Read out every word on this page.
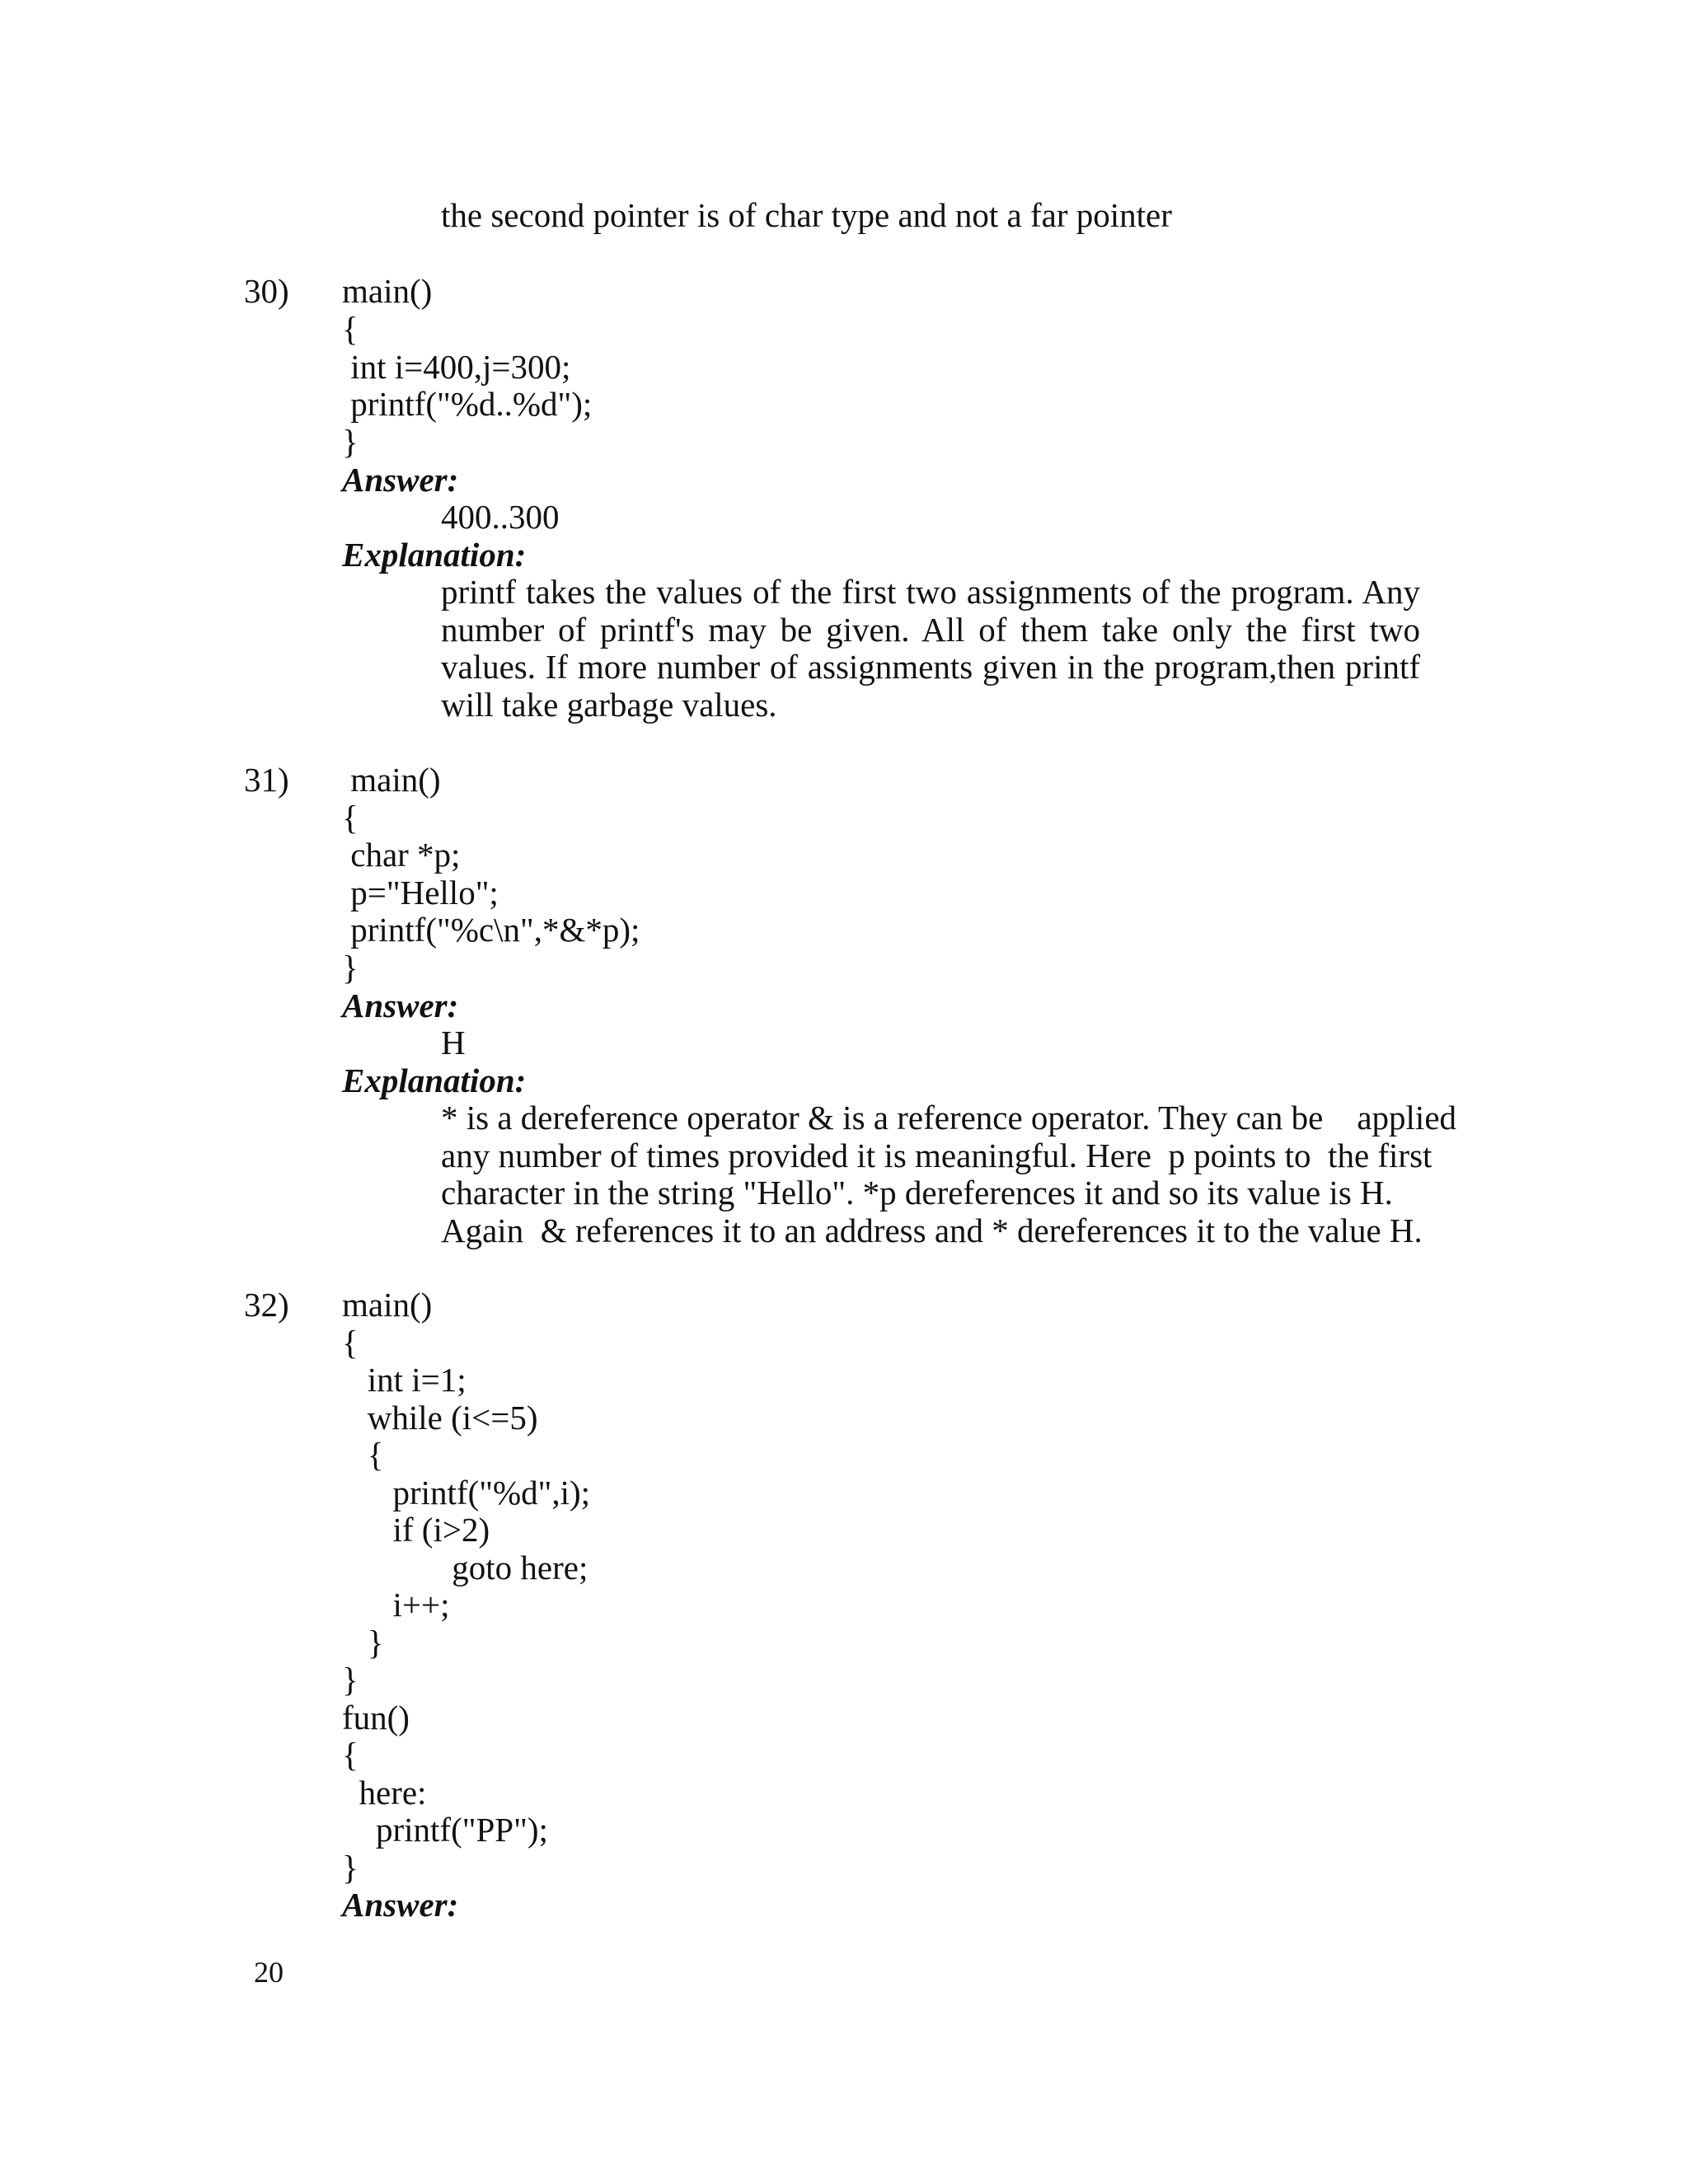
the second pointer is of char type and not a far pointer
30) main()
{
int i=400,j=300;
printf("%d..%d");
}
Answer:
400..300
Explanation:
printf takes the values of the first two assignments of the program. Any number of printf's may be given. All of them take only the first two values. If more number of assignments given in the program,then printf will take garbage values.
31) main()
{
char *p;
p="Hello";
printf("%c\n",*&*p);
}
Answer:
H
Explanation:
* is a dereference operator & is a reference operator. They can be    applied
any number of times provided it is meaningful. Here  p points to  the first
character in the string "Hello". *p dereferences it and so its value is H.
Again  & references it to an address and * dereferences it to the value H.
32) main()
{
int i=1;
while (i<=5)
{
printf("%d",i);
if (i>2)
goto here;
i++;
}
}
fun()
{
here:
printf("PP");
}
Answer:
20
